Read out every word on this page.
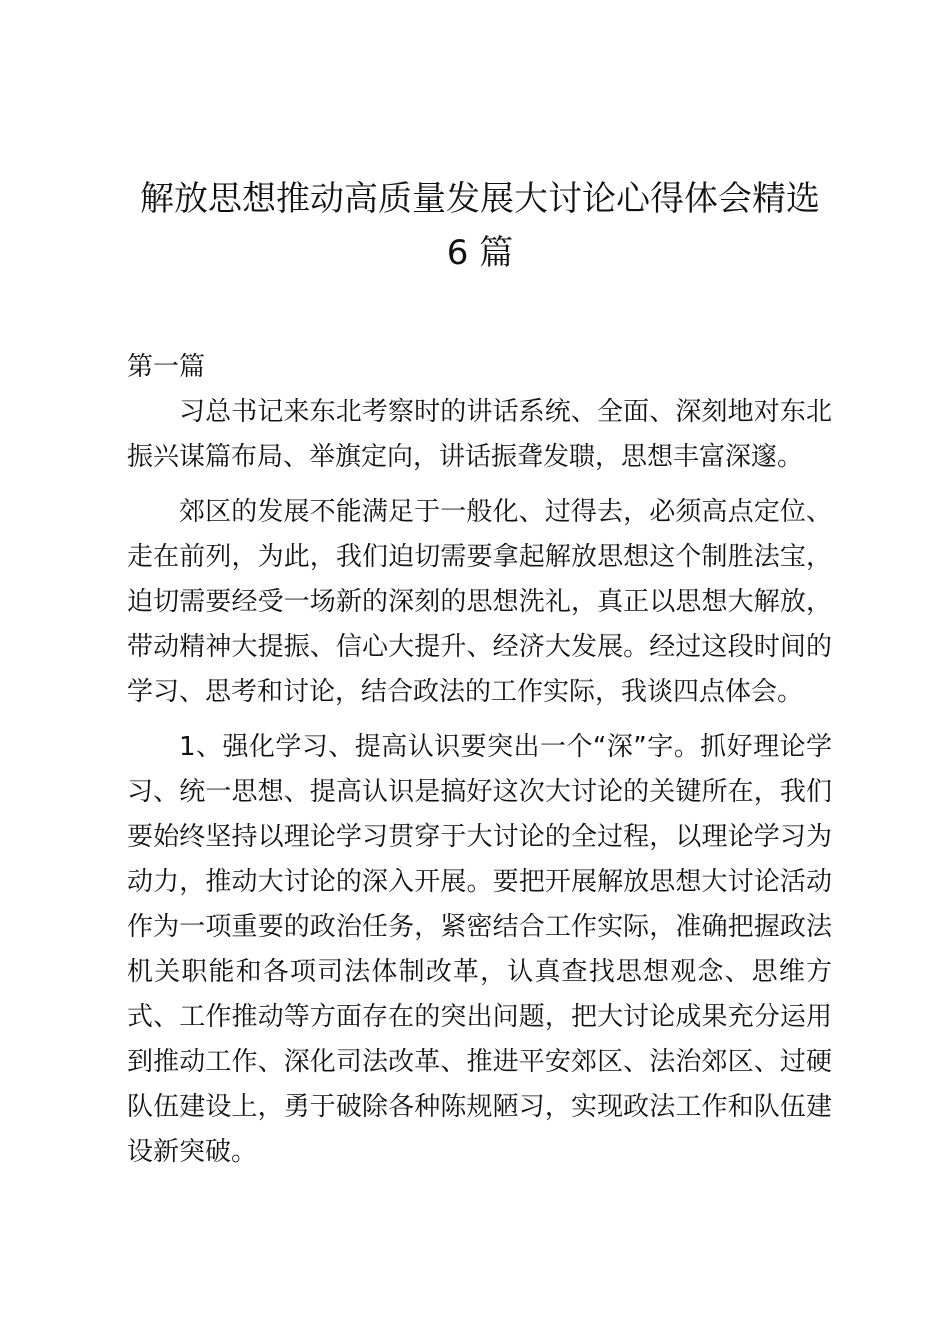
解放思想推动高质量发展大讨论心得体会精选
6 篇
第一篇

习总书记来东北考察时的讲话系统、全面、深刻地对东北振兴谋篇布局、举旗定向，讲话振聋发聩，思想丰富深邃。

郊区的发展不能满足于一般化、过得去，必须高点定位、走在前列，为此，我们迫切需要拿起解放思想这个制胜法宝，迫切需要经受一场新的深刻的思想洗礼，真正以思想大解放，带动精神大提振、信心大提升、经济大发展。经过这段时间的学习、思考和讨论，结合政法的工作实际，我谈四点体会。

1、强化学习、提高认识要突出一个“深”字。抓好理论学习、统一思想、提高认识是搞好这次大讨论的关键所在，我们要始终坚持以理论学习贯穿于大讨论的全过程，以理论学习为动力，推动大讨论的深入开展。要把开展解放思想大讨论活动作为一项重要的政治任务，紧密结合工作实际，准确把握政法机关职能和各项司法体制改革，认真查找思想观念、思维方式、工作推动等方面存在的突出问题，把大讨论成果充分运用到推动工作、深化司法改革、推进平安郊区、法治郊区、过硬队伍建设上，勇于破除各种陈规陋习，实现政法工作和队伍建设新突破。
